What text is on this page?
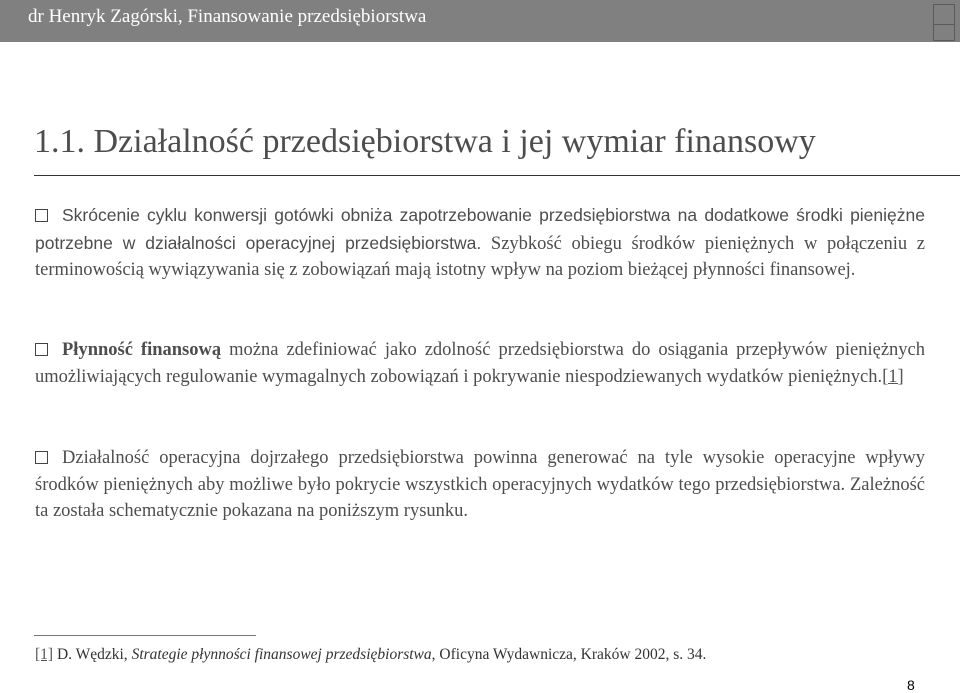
dr Henryk Zagórski, Finansowanie przedsiębiorstwa
1.1. Działalność przedsiębiorstwa i jej wymiar finansowy
Skrócenie cyklu konwersji gotówki obniża zapotrzebowanie przedsiębiorstwa na dodatkowe środki pieniężne potrzebne w działalności operacyjnej przedsiębiorstwa. Szybkość obiegu środków pieniężnych w połączeniu z terminowością wywiązywania się z zobowiązań mają istotny wpływ na poziom bieżącej płynności finansowej.
Płynność finansową można zdefiniować jako zdolność przedsiębiorstwa do osiągania przepływów pieniężnych umożliwiających regulowanie wymagalnych zobowiązań i pokrywanie niespodziewanych wydatków pieniężnych.[1]
Działalność operacyjna dojrzałego przedsiębiorstwa powinna generować na tyle wysokie operacyjne wpływy środków pieniężnych aby możliwe było pokrycie wszystkich operacyjnych wydatków tego przedsiębiorstwa. Zależność ta została schematycznie pokazana na poniższym rysunku.
[1] D. Wędzki, Strategie płynności finansowej przedsiębiorstwa, Oficyna Wydawnicza, Kraków 2002, s. 34.
8
